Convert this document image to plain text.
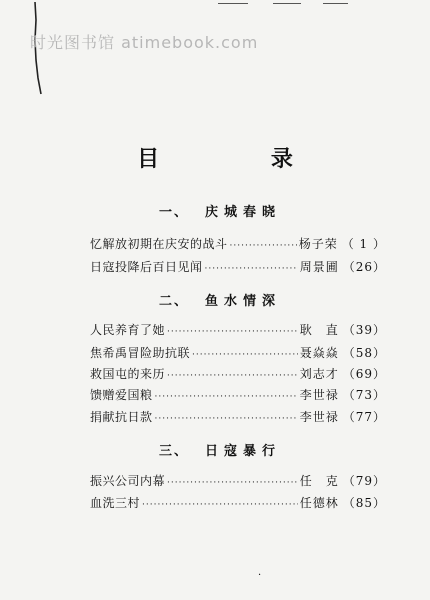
时光图书馆 atimebook.com
目 录
一、 庆城春晓
忆解放初期在庆安的战斗 ·····	杨子荣 （ 1 ）
日寇投降后百日见闻 ·····	周景圃 （26）
二、 鱼水情深
人民养育了她 ·····	耿　直 （39）
焦希禹冒险助抗联 ·····	聂焱焱 （58）
救国屯的来历 ·····	刘志才 （69）
馈赠爱国粮 ·····	李世禄 （73）
捐献抗日款 ·····	李世禄 （77）
三、 日寇暴行
振兴公司内幕 ·····	任　克 （79）
血洗三村 ·····	任德林 （85）
·
